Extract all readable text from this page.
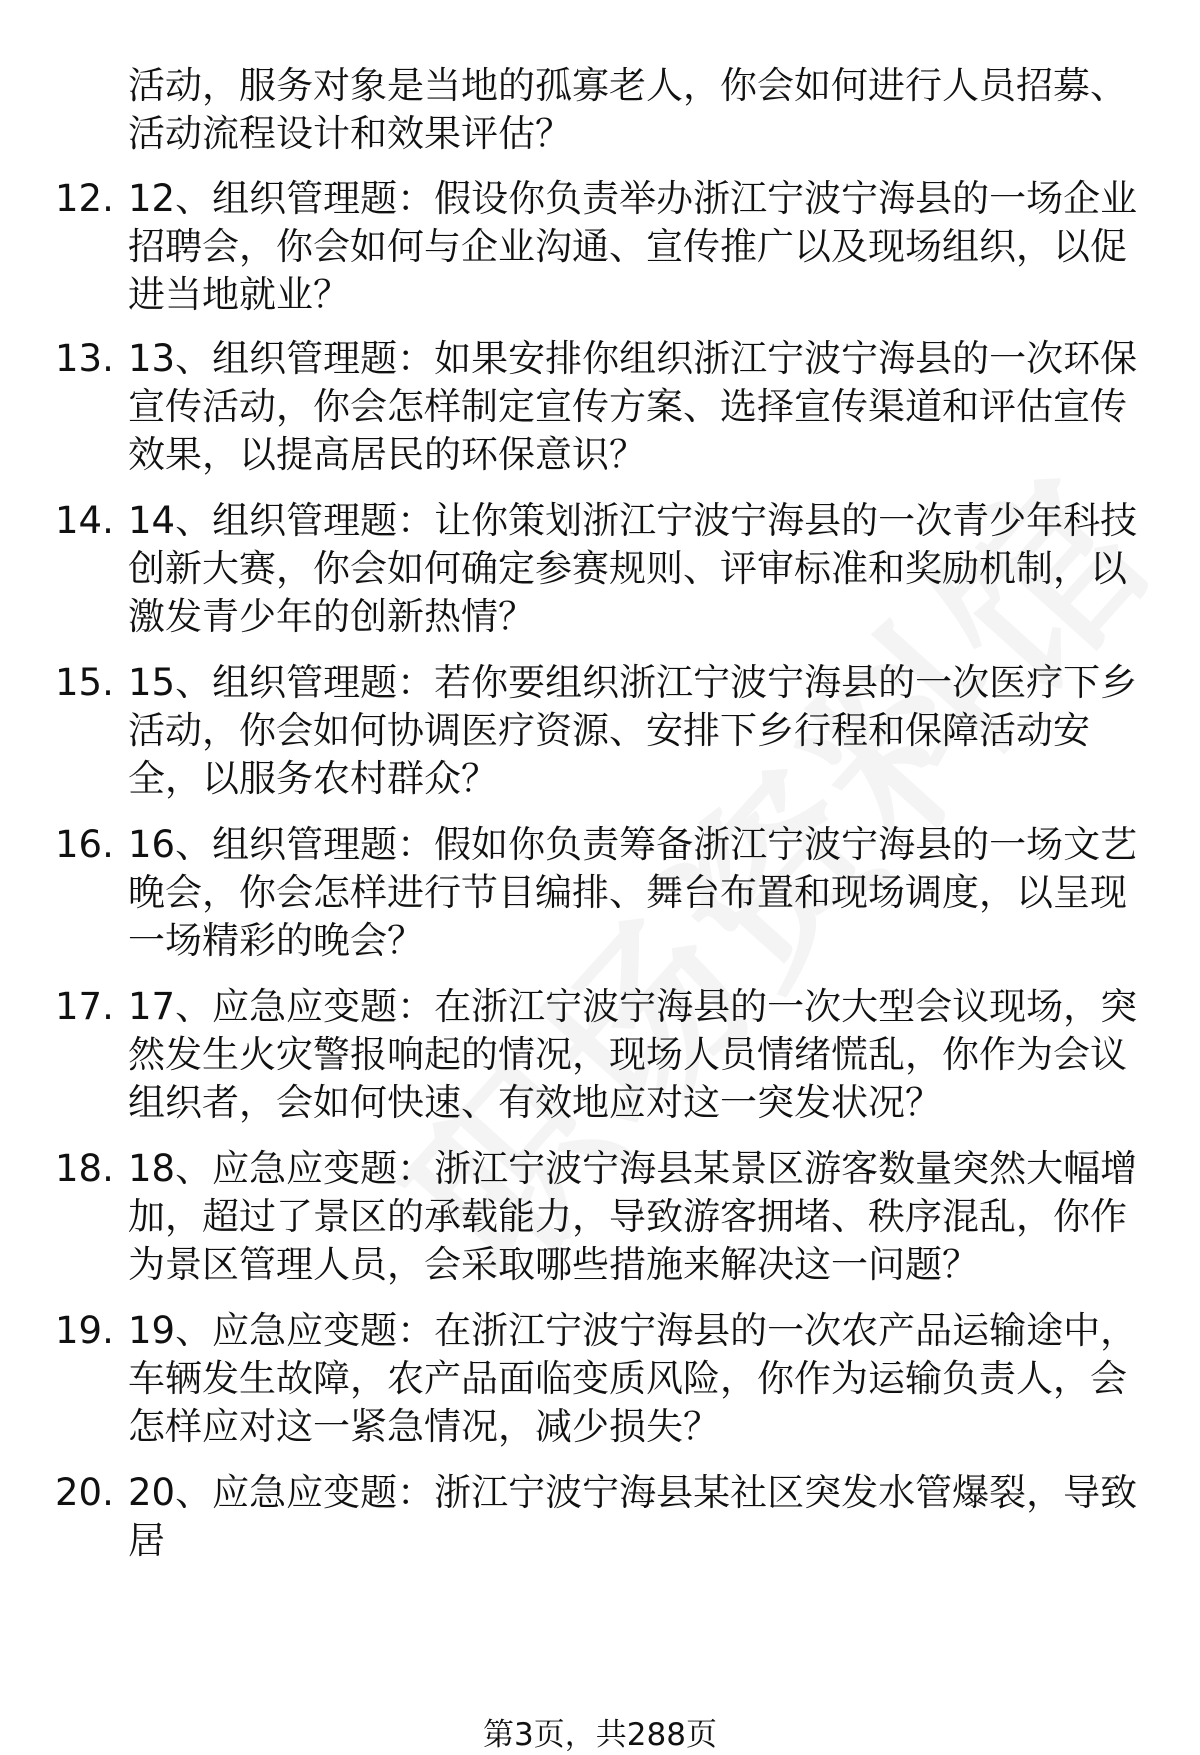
活动，服务对象是当地的孤寡老人，你会如何进行人员招募、活动流程设计和效果评估？
12. 12、组织管理题：假设你负责举办浙江宁波宁海县的一场企业招聘会，你会如何与企业沟通、宣传推广以及现场组织，以促进当地就业？
13. 13、组织管理题：如果安排你组织浙江宁波宁海县的一次环保宣传活动，你会怎样制定宣传方案、选择宣传渠道和评估宣传效果，以提高居民的环保意识？
14. 14、组织管理题：让你策划浙江宁波宁海县的一次青少年科技创新大赛，你会如何确定参赛规则、评审标准和奖励机制，以激发青少年的创新热情？
15. 15、组织管理题：若你要组织浙江宁波宁海县的一次医疗下乡活动，你会如何协调医疗资源、安排下乡行程和保障活动安全，以服务农村群众？
16. 16、组织管理题：假如你负责筹备浙江宁波宁海县的一场文艺晚会，你会怎样进行节目编排、舞台布置和现场调度，以呈现一场精彩的晚会？
17. 17、应急应变题：在浙江宁波宁海县的一次大型会议现场，突然发生火灾警报响起的情况，现场人员情绪慌乱，你作为会议组织者，会如何快速、有效地应对这一突发状况？
18. 18、应急应变题：浙江宁波宁海县某景区游客数量突然大幅增加，超过了景区的承载能力，导致游客拥堵、秩序混乱，你作为景区管理人员，会采取哪些措施来解决这一问题？
19. 19、应急应变题：在浙江宁波宁海县的一次农产品运输途中，车辆发生故障，农产品面临变质风险，你作为运输负责人，会怎样应对这一紧急情况，减少损失？
20. 20、应急应变题：浙江宁波宁海县某社区突发水管爆裂，导致居
第3页，共288页
